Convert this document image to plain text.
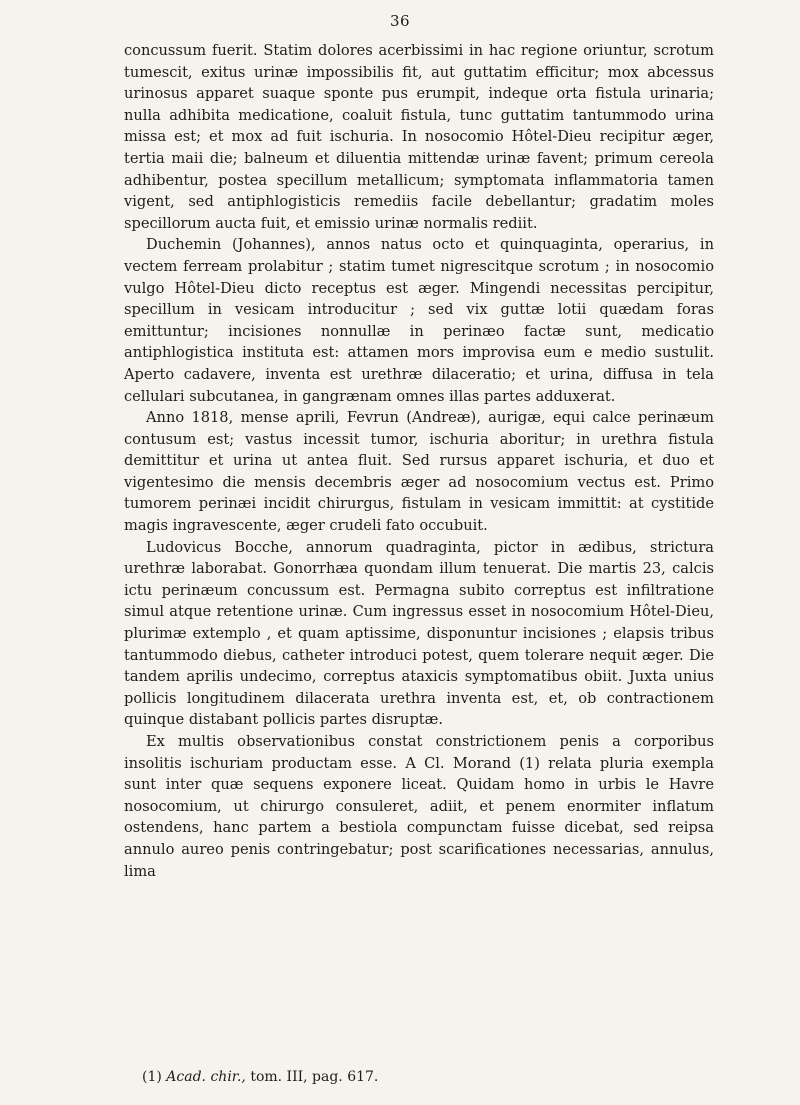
36

concussum fuerit. Statim dolores acerbissimi in hac regione oriuntur, scrotum tumescit, exitus urinæ impossibilis fit, aut guttatim efficitur; mox abcessus urinosus apparet suaque sponte pus erumpit, indeque orta fistula urinaria; nulla adhibita medicatione, coaluit fistula, tunc guttatim tantummodo urina missa est; et mox ad fuit ischuria. In nosocomio Hôtel-Dieu recipitur æger, tertia maii die; balneum et diluentia mittendæ urinæ favent; primum cereola adhibentur, postea specillum metallicum; symptomata inflammatoria tamen vigent, sed antiphlogisticis remediis facile debellantur; gradatim moles specillorum aucta fuit, et emissio urinæ normalis rediit.

Duchemin (Johannes), annos natus octo et quinquaginta, operarius, in vectem ferream prolabitur ; statim tumet nigrescitque scrotum ; in nosocomio vulgo Hôtel-Dieu dicto receptus est æger. Mingendi necessitas percipitur, specillum in vesicam introducitur ; sed vix guttæ lotii quædam foras emittuntur; incisiones nonnullæ in perinæo factæ sunt, medicatio antiphlogistica instituta est: attamen mors improvisa eum e medio sustulit. Aperto cadavere, inventa est urethræ dilaceratio; et urina, diffusa in tela cellulari subcutanea, in gangrænam omnes illas partes adduxerat.

Anno 1818, mense aprili, Fevrun (Andreæ), aurigæ, equi calce perinæum contusum est; vastus incessit tumor, ischuria aboritur; in urethra fistula demittitur et urina ut antea fluit. Sed rursus apparet ischuria, et duo et vigentesimo die mensis decembris æger ad nosocomium vectus est. Primo tumorem perinæi incidit chirurgus, fistulam in vesicam immittit: at cystitide magis ingravescente, æger crudeli fato occubuit.

Ludovicus Bocche, annorum quadraginta, pictor in ædibus, strictura urethræ laborabat. Gonorrhæa quondam illum tenuerat. Die martis 23, calcis ictu perinæum concussum est. Permagna subito correptus est infiltratione simul atque retentione urinæ. Cum ingressus esset in nosocomium Hôtel-Dieu, plurimæ extemplo , et quam aptissime, disponuntur incisiones ; elapsis tribus tantummodo diebus, catheter introduci potest, quem tolerare nequit æger. Die tandem aprilis undecimo, correptus ataxicis symptomatibus obiit. Juxta unius pollicis longitudinem dilacerata urethra inventa est, et, ob contractionem quinque distabant pollicis partes disruptæ.

Ex multis observationibus constat constrictionem penis a corporibus insolitis ischuriam productam esse. A Cl. Morand (1) relata pluria exempla sunt inter quæ sequens exponere liceat. Quidam homo in urbis le Havre nosocomium, ut chirurgo consuleret, adiit, et penem enormiter inflatum ostendens, hanc partem a bestiola compunctam fuisse dicebat, sed reipsa annulo aureo penis contringebatur; post scarificationes necessarias, annulus, lima

(1) Acad. chir., tom. III, pag. 617.
